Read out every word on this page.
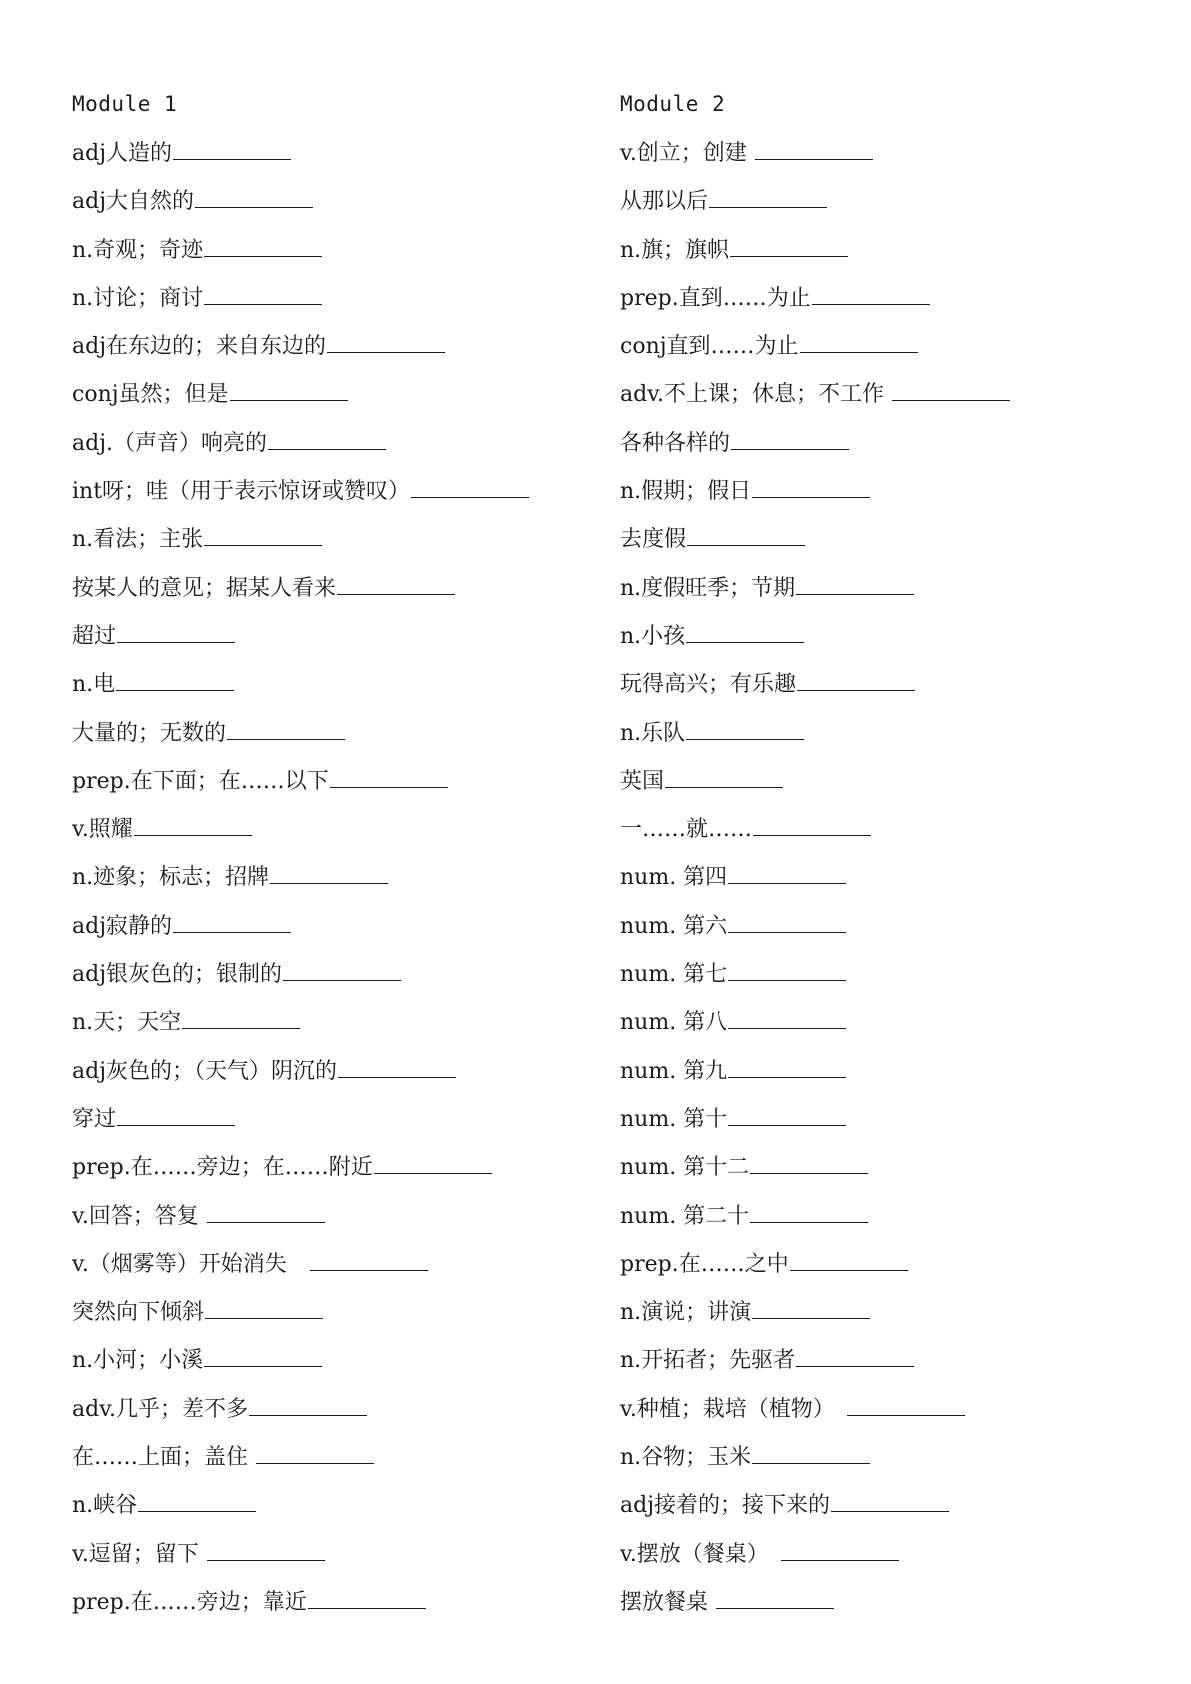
Module 1
adj人造的
adj大自然的
n.奇观；奇迹
n.讨论；商讨
adj在东边的；来自东边的
conj虽然；但是
adj.（声音）响亮的
int呀；哇（用于表示惊讶或赞叹）
n.看法；主张
按某人的意见；据某人看来
超过
n.电
大量的；无数的
prep.在下面；在……以下
v.照耀
n.迹象；标志；招牌
adj寂静的
adj银灰色的；银制的
n.天；天空
adj灰色的；（天气）阴沉的
穿过
prep.在……旁边；在……附近
v.回答；答复
v.（烟雾等）开始消失　
突然向下倾斜
n.小河；小溪
adv.几乎；差不多
在……上面；盖住
n.峡谷
v.逗留；留下
prep.在……旁边；靠近
Module 2
v.创立；创建
从那以后
n.旗；旗帜
prep.直到……为止
conj直到……为止
adv.不上课；休息；不工作
各种各样的
n.假期；假日
去度假
n.度假旺季；节期
n.小孩
玩得高兴；有乐趣
n.乐队
英国
一……就……
num. 第四
num. 第六
num. 第七
num. 第八
num. 第九
num. 第十
num. 第十二
num. 第二十
prep.在……之中
n.演说；讲演
n.开拓者；先驱者
v.种植；栽培（植物）　
n.谷物；玉米
adj接着的；接下来的
v.摆放（餐桌）　
摆放餐桌
